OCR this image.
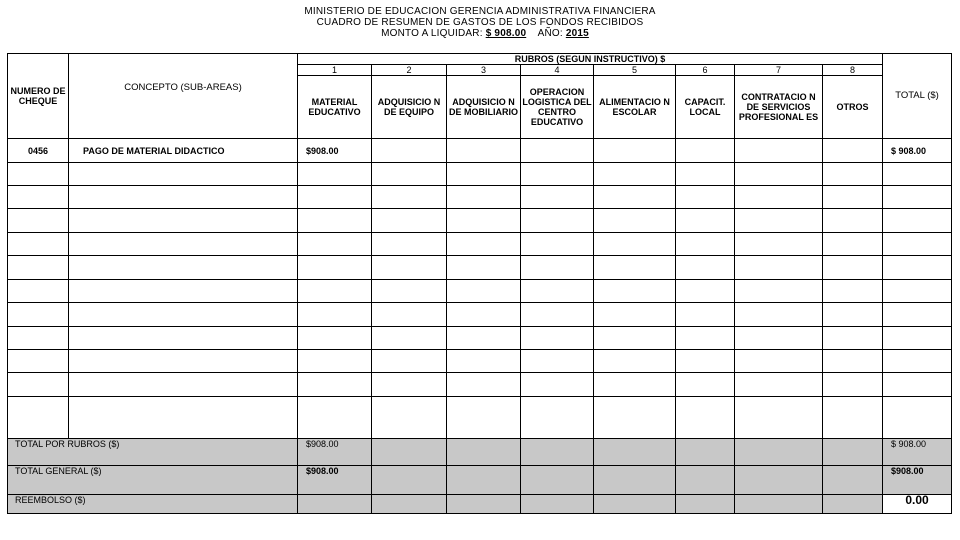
MINISTERIO DE EDUCACION GERENCIA ADMINISTRATIVA FINANCIERA
CUADRO DE RESUMEN DE GASTOS DE LOS FONDOS RECIBIDOS
MONTO A LIQUIDAR: $ 908.00 AÑO: 2015
NUMERO DE CHEQUE	CONCEPTO (SUB-AREAS)	RUBROS (SEGUN INSTRUCTIVO) $								TOTAL ($)
		1	2	3	4	5	6	7	8	
		MATERIAL EDUCATIVO	ADQUISICIO N DE EQUIPO	ADQUISICIO N DE MOBILIARIO	OPERACION LOGISTICA DEL CENTRO EDUCATIVO	ALIMENTACIO N ESCOLAR	CAPACIT. LOCAL	CONTRATACIO N DE SERVICIOS PROFESIONAL ES	OTROS	
0456	PAGO DE MATERIAL DIDACTICO	$908.00								$ 908.00

TOTAL POR RUBROS ($)		$908.00								$ 908.00
TOTAL GENERAL ($)		$908.00								$908.00
REEMBOLSO ($)										0.00
